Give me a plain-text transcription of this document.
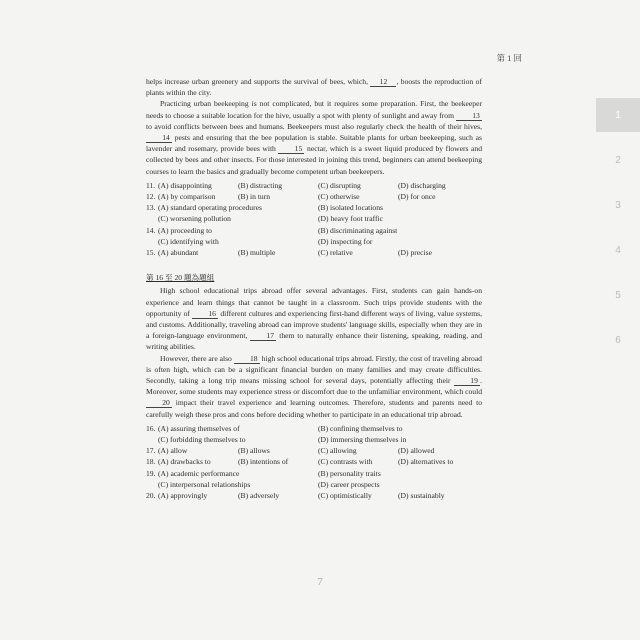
第 1 回
1
2
3
4
5
6

helps increase urban greenery and supports the survival of bees, which, 12 , boosts the reproduction of plants within the city.

Practicing urban beekeeping is not complicated, but it requires some preparation. First, the beekeeper needs to choose a suitable location for the hive, usually a spot with plenty of sunlight and away from 13 to avoid conflicts between bees and humans. Beekeepers must also regularly check the health of their hives, 14 pests and ensuring that the bee population is stable. Suitable plants for urban beekeeping, such as lavender and rosemary, provide bees with 15 nectar, which is a sweet liquid produced by flowers and collected by bees and other insects. For those interested in joining this trend, beginners can attend beekeeping courses to learn the basics and gradually become competent urban beekeepers.

11. (A) disappointing	(B) distracting	(C) disrupting	(D) discharging
12. (A) by comparison	(B) in turn	(C) otherwise	(D) for once
13. (A) standard operating procedures	(B) isolated locations
(C) worsening pollution	(D) heavy foot traffic
14. (A) proceeding to	(B) discriminating against
(C) identifying with	(D) inspecting for
15. (A) abundant	(B) multiple	(C) relative	(D) precise
第 16 至 20 題為題組

High school educational trips abroad offer several advantages. First, students can gain hands-on experience and learn things that cannot be taught in a classroom. Such trips provide students with the opportunity of 16 different cultures and experiencing first-hand different ways of living, value systems, and customs. Additionally, traveling abroad can improve students' language skills, especially when they are in a foreign-language environment,	17 them to naturally enhance their listening, speaking, reading, and writing abilities.

However, there are also 18 high school educational trips abroad. Firstly, the cost of traveling abroad is often high, which can be a significant financial burden on many families and may create difficulties. Secondly, taking a long trip means missing school for several days, potentially affecting their	19 . Moreover, some students may experience stress or discomfort due to the unfamiliar environment, which could 20 impact their travel experience and learning outcomes. Therefore, students and parents need to carefully weigh these pros and cons before deciding whether to participate in an educational trip abroad.

16. (A) assuring themselves of	(B) confining themselves to
(C) forbidding themselves to	(D) immersing themselves in
17. (A) allow	(B) allows	(C) allowing	(D) allowed
18. (A) drawbacks to	(B) intentions of	(C) contrasts with	(D) alternatives to
19. (A) academic performance	(B) personality traits
(C) interpersonal relationships	(D) career prospects
20. (A) approvingly	(B) adversely	(C) optimistically	(D) sustainably
7
